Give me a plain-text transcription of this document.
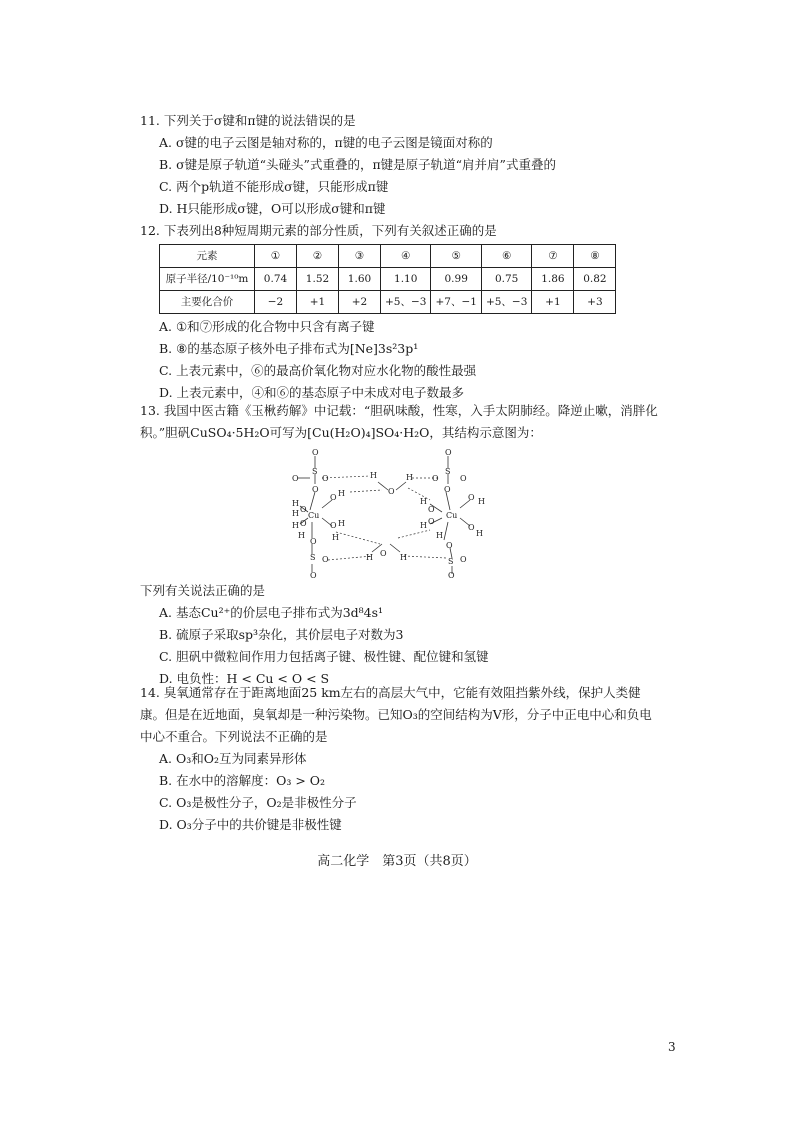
11. 下列关于σ键和π键的说法错误的是
A. σ键的电子云图是轴对称的，π键的电子云图是镜面对称的
B. σ键是原子轨道“头碰头”式重叠的，π键是原子轨道“肩并肩”式重叠的
C. 两个p轨道不能形成σ键，只能形成π键
D. H只能形成σ键，O可以形成σ键和π键
12. 下表列出8种短周期元素的部分性质，下列有关叙述正确的是
元素	①	②	③	④	⑤	⑥	⑦	⑧
原子半径/10⁻¹⁰m	0.74	1.52	1.60	1.10	0.99	0.75	1.86	0.82
主要化合价	−2	+1	+2	+5、−3	+7、−1	+5、−3	+1	+3
A. ①和⑦形成的化合物中只含有离子键
B. ⑧的基态原子核外电子排布式为[Ne]3s²3p¹
C. 上表元素中，⑥的最高价氧化物对应水化物的酸性最强
D. 上表元素中，④和⑥的基态原子中未成对电子数最多
13. 我国中医古籍《玉楸药解》中记载：“胆矾味酸，性寒，入手太阴肺经。降逆止嗽，消胖化积。”胆矾CuSO₄·5H₂O可写为[Cu(H₂O)₄]SO₄·H₂O，其结构示意图为：
O
S
O	O
O
H
H O
Cu
O H
H O
H
O H
H
O
S O
O
H
O
H
O
H	H
O
S
O	O
O
H
O
Cu
O H
O
H
H O
H
O
S O
O
下列有关说法正确的是
A. 基态Cu²⁺的价层电子排布式为3d⁸4s¹
B. 硫原子采取sp³杂化，其价层电子对数为3
C. 胆矾中微粒间作用力包括离子键、极性键、配位键和氢键
D. 电负性：H < Cu < O < S
14. 臭氧通常存在于距离地面25 km左右的高层大气中，它能有效阻挡紫外线，保护人类健康。但是在近地面，臭氧却是一种污染物。已知O₃的空间结构为V形，分子中正电中心和负电中心不重合。下列说法不正确的是
A. O₃和O₂互为同素异形体
B. 在水中的溶解度：O₃ > O₂
C. O₃是极性分子，O₂是非极性分子
D. O₃分子中的共价键是非极性键
高二化学　第3页（共8页）
3
